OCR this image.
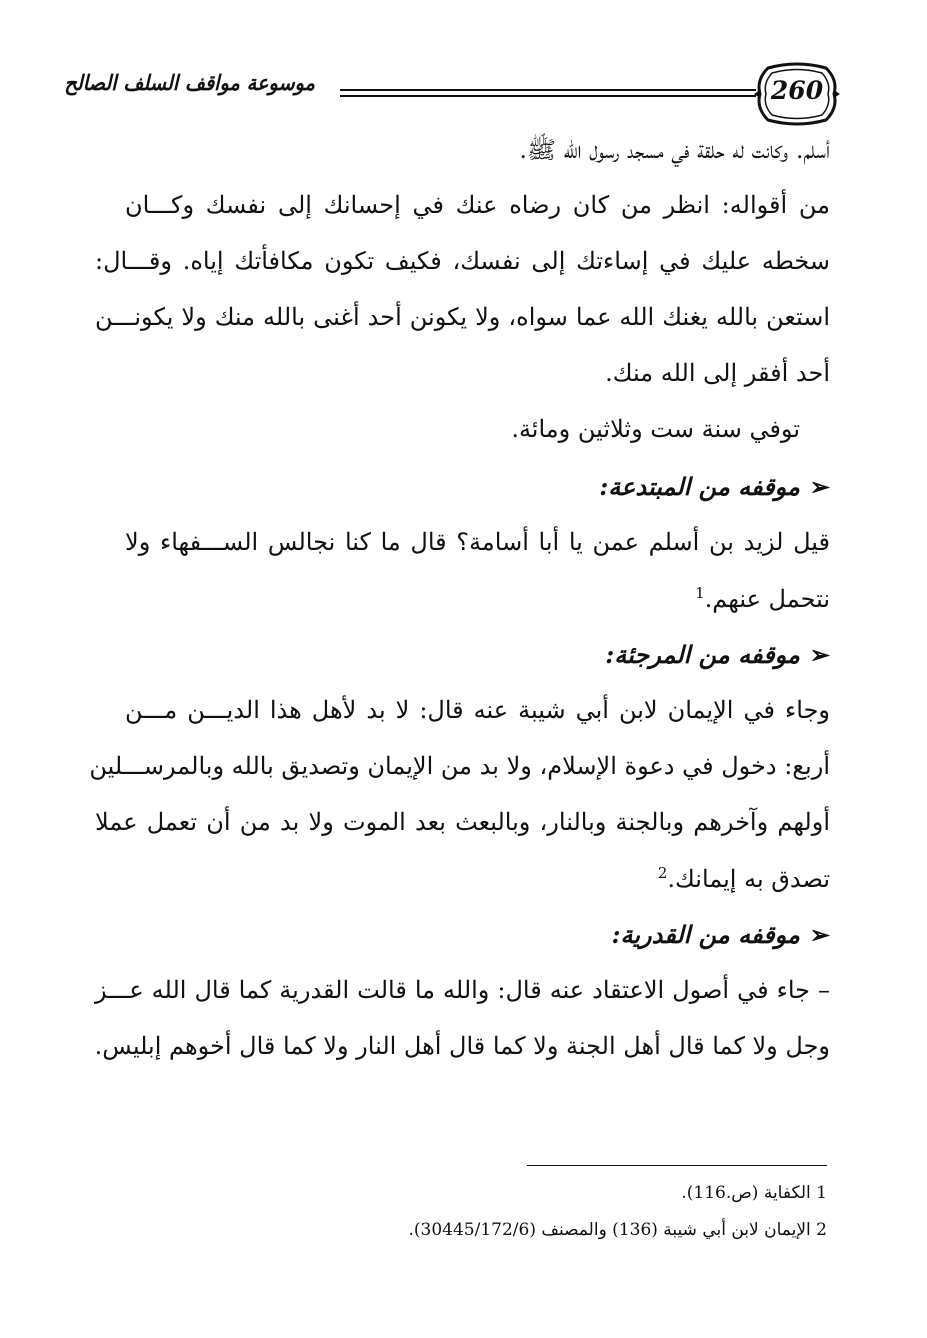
موسوعة مواقف السلف الصالح	260
أسلم. وكانت له حلقة في مسجد رسول الله ﷺ.
من أقواله: انظر من كان رضاه عنك في إحسانك إلى نفسك وكـــان
سخطه عليك في إساءتك إلى نفسك، فكيف تكون مكافأتك إياه. وقـــال:
استعن بالله يغنك الله عما سواه، ولا يكونن أحد أغنى بالله منك ولا يكونـــن
أحد أفقر إلى الله منك.
توفي سنة ست وثلاثين ومائة.
➢موقفه من المبتدعة:
قيل لزيد بن أسلم عمن يا أبا أسامة؟ قال ما كنا نجالس الســـفهاء ولا
نتحمل عنهم.$^1$
➢موقفه من المرجئة:
وجاء في الإيمان لابن أبي شيبة عنه قال: لا بد لأهل هذا الديـــن مـــن
أربع: دخول في دعوة الإسلام، ولا بد من الإيمان وتصديق بالله وبالمرســـلين
أولهم وآخرهم وبالجنة وبالنار، وبالبعث بعد الموت ولا بد من أن تعمل عملا
تصدق به إيمانك.$^2$
➢موقفه من القدرية:
– جاء في أصول الاعتقاد عنه قال: والله ما قالت القدرية كما قال الله عـــز
وجل ولا كما قال أهل الجنة ولا كما قال أهل النار ولا كما قال أخوهم إبليس.
1 الكفاية (ص.116).
2 الإيمان لابن أبي شيبة (136) والمصنف (30445/172/6).
